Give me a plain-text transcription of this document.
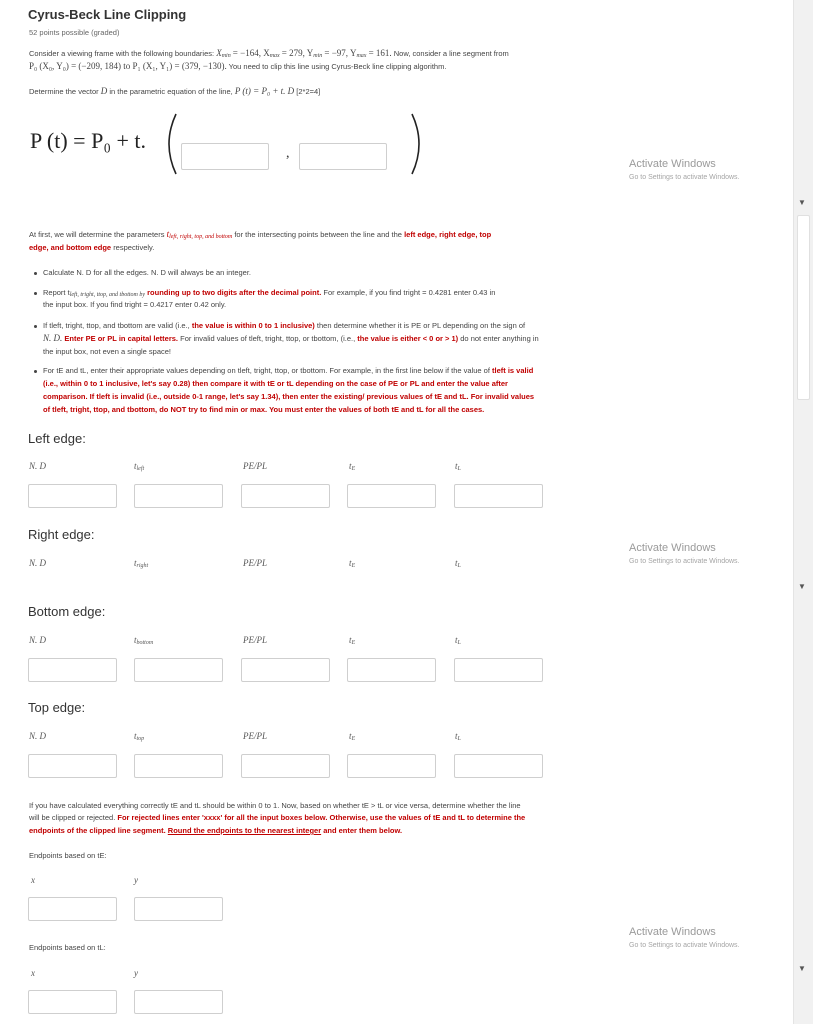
Cyrus-Beck Line Clipping
52 points possible (graded)
Consider a viewing frame with the following boundaries: Xmin = −164, Xmax = 279, Ymin = −97, Ymax = 161. Now, consider a line segment from
P₀ (X₀, Y₀) = (−209, 184) to P₁ (X₁, Y₁) = (379, −130). You need to clip this line using Cyrus-Beck line clipping algorithm.
Determine the vector D in the parametric equation of the line, P (t) = P₀ + t. D [2*2=4]
P (t) = P₀ + t.
,
At first, we will determine the parameters tleft, right, top, and bottom for the intersecting points between the line and the left edge, right edge, top
edge, and bottom edge respectively.
Calculate N. D for all the edges. N. D will always be an integer.
Report tleft, tright, ttop, and tbottom by rounding up to two digits after the decimal point. For example, if you find tright = 0.4281 enter 0.43 in
the input box. If you find tright = 0.4217 enter 0.42 only.
If tleft, tright, ttop, and tbottom are valid (i.e., the value is within 0 to 1 inclusive) then determine whether it is PE or PL depending on the sign of
N. D. Enter PE or PL in capital letters. For invalid values of tleft, tright, ttop, or tbottom, (i.e., the value is either < 0 or > 1) do not enter anything in
the input box, not even a single space!
For tE and tL, enter their appropriate values depending on tleft, tright, ttop, or tbottom. For example, in the first line below if the value of tleft is valid
(i.e., within 0 to 1 inclusive, let's say 0.28) then compare it with tE or tL depending on the case of PE or PL and enter the value after
comparison. If tleft is invalid (i.e., outside 0-1 range, let's say 1.34), then enter the existing/ previous values of tE and tL. For invalid values
of tleft, tright, ttop, and tbottom, do NOT try to find min or max. You must enter the values of both tE and tL for all the cases.
Left edge:
N. D	tleft	PE/PL	tE	tL
Right edge:
N. D	tright	PE/PL	tE	tL
Bottom edge:
N. D	tbottom	PE/PL	tE	tL
Top edge:
N. D	ttop	PE/PL	tE	tL
If you have calculated everything correctly tE and tL should be within 0 to 1. Now, based on whether tE > tL or vice versa, determine whether the line
will be clipped or rejected. For rejected lines enter 'xxxx' for all the input boxes below. Otherwise, use the values of tE and tL to determine the
endpoints of the clipped line segment. Round the endpoints to the nearest integer and enter them below.
Endpoints based on tE:
x	y
Endpoints based on tL:
x	y
Activate Windows
Go to Settings to activate Windows.
Activate Windows
Go to Settings to activate Windows.
Activate Windows
Go to Settings to activate Windows.
▼
▼
▼
